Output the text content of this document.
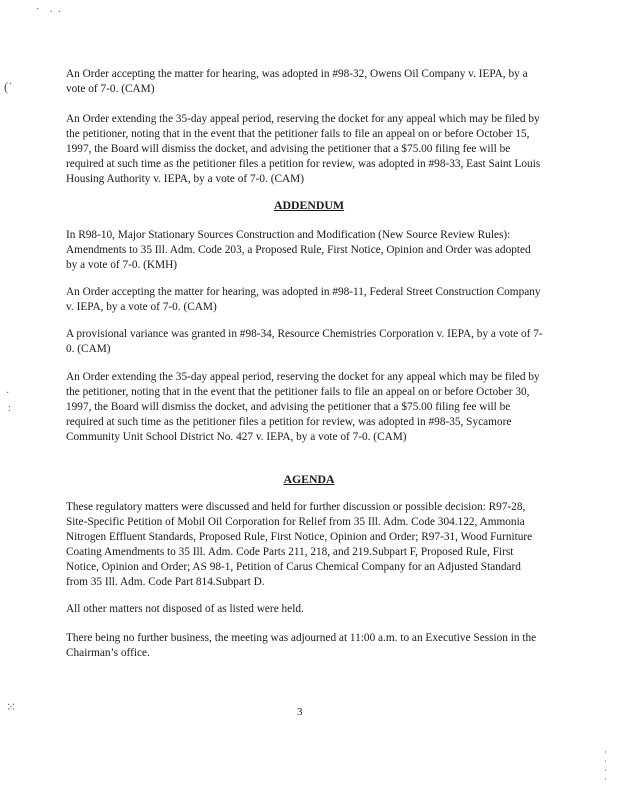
˙    ·  ·
(˙
·
:
⁙
·
·
·
·

An Order accepting the matter for hearing, was adopted in #98-32, Owens Oil Company v. IEPA, by a vote of 7-0. (CAM)

An Order extending the 35-day appeal period, reserving the docket for any appeal which may be filed by the petitioner, noting that in the event that the petitioner fails to file an appeal on or before October 15, 1997, the Board will dismiss the docket, and advising the petitioner that a $75.00 filing fee will be required at such time as the petitioner files a petition for review, was adopted in #98-33, East Saint Louis Housing Authority v. IEPA, by a vote of 7-0. (CAM)

ADDENDUM

In R98-10, Major Stationary Sources Construction and Modification (New Source Review Rules): Amendments to 35 Ill. Adm. Code 203, a Proposed Rule, First Notice, Opinion and Order was adopted by a vote of 7-0. (KMH)

An Order accepting the matter for hearing, was adopted in #98-11, Federal Street Construction Company v. IEPA, by a vote of 7-0. (CAM)

A provisional variance was granted in #98-34, Resource Chemistries Corporation v. IEPA, by a vote of 7-0. (CAM)

An Order extending the 35-day appeal period, reserving the docket for any appeal which may be filed by the petitioner, noting that in the event that the petitioner fails to file an appeal on or before October 30, 1997, the Board will dismiss the docket, and advising the petitioner that a $75.00 filing fee will be required at such time as the petitioner files a petition for review, was adopted in #98-35, Sycamore Community Unit School District No. 427 v. IEPA, by a vote of 7-0. (CAM)

AGENDA

These regulatory matters were discussed and held for further discussion or possible decision: R97-28, Site-Specific Petition of Mobil Oil Corporation for Relief from 35 Ill. Adm. Code 304.122, Ammonia Nitrogen Effluent Standards, Proposed Rule, First Notice, Opinion and Order; R97-31, Wood Furniture Coating Amendments to 35 Ill. Adm. Code Parts 211, 218, and 219.Subpart F, Proposed Rule, First Notice, Opinion and Order; AS 98-1, Petition of Carus Chemical Company for an Adjusted Standard from 35 Ill. Adm. Code Part 814.Subpart D.

All other matters not disposed of as listed were held.

There being no further business, the meeting was adjourned at 11:00 a.m. to an Executive Session in the Chairman’s office.

3
